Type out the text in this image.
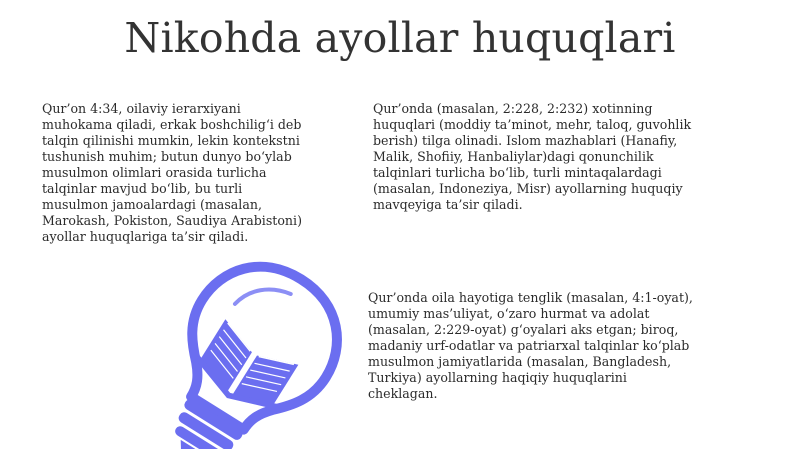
Nikohda ayollar huquqlari

Qur’on 4:34, oilaviy ierarxiyani
muhokama qiladi, erkak boshchilig‘i deb
talqin qilinishi mumkin, lekin kontekstni
tushunish muhim; butun dunyo bo‘ylab
musulmon olimlari orasida turlicha
talqinlar mavjud bo‘lib, bu turli
musulmon jamoalardagi (masalan,
Marokash, Pokiston, Saudiya Arabistoni)
ayollar huquqlariga ta’sir qiladi.

Qur’onda (masalan, 2:228, 2:232) xotinning
huquqlari (moddiy ta’minot, mehr, taloq, guvohlik
berish) tilga olinadi. Islom mazhablari (Hanafiy,
Malik, Shofiiy, Hanbaliylar)dagi qonunchilik
talqinlari turlicha bo‘lib, turli mintaqalardagi
(masalan, Indoneziya, Misr) ayollarning huquqiy
mavqeyiga ta’sir qiladi.

Qur’onda oila hayotiga tenglik (masalan, 4:1-oyat),
umumiy mas’uliyat, o‘zaro hurmat va adolat
(masalan, 2:229-oyat) g‘oyalari aks etgan; biroq,
madaniy urf-odatlar va patriarxal talqinlar ko‘plab
musulmon jamiyatlarida (masalan, Bangladesh,
Turkiya) ayollarning haqiqiy huquqlarini
cheklagan.
